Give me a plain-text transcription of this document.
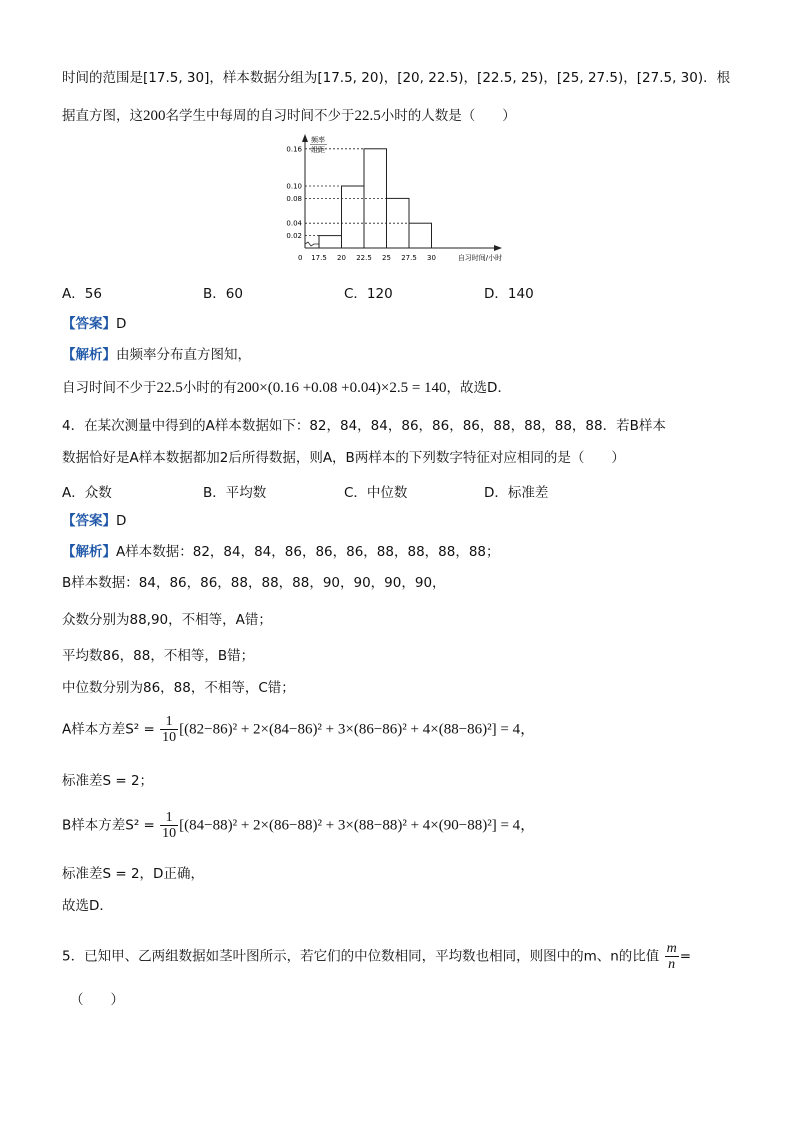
时间的范围是[17.5, 30]，样本数据分组为[17.5, 20)，[20, 22.5)，[22.5, 25)，[25, 27.5)，[27.5, 30)．根
据直方图，这200名学生中每周的自习时间不少于22.5小时的人数是（　　）
频率
组距
0
0.02
0.04
0.08
0.10
0.16
17.5 20 22.5 25 27.5 30	自习时间/小时
A．56	B．60	C．120	D．140
【答案】D
【解析】由频率分布直方图知，
自习时间不少于22.5小时的有200×(0.16 +0.08 +0.04)×2.5 = 140，故选D．
4．在某次测量中得到的A样本数据如下：82，84，84，86，86，86，88，88，88，88．若B样本
数据恰好是A样本数据都加2后所得数据，则A，B两样本的下列数字特征对应相同的是（　　）
A．众数	B．平均数	C．中位数	D．标准差
【答案】D
【解析】A样本数据：82，84，84，86，86，86，88，88，88，88；
B样本数据：84，86，86，88，88，88，90，90，90，90，
众数分别为88,90，不相等，A错；
平均数86，88，不相等，B错；
中位数分别为86，88，不相等，C错；
A样本方差$S^2 = \frac{1}{10} [(82-86)^2 + 2\times(84-86)^2 + 3\times(86-86)^2 + 4\times(88-86)^2] = 4$，
标准差S = 2；
B样本方差$S^2 = \frac{1}{10} [(84-88)^2 + 2\times(86-88)^2 + 3\times(88-88)^2 + 4\times(90-88)^2] = 4$，
标准差S = 2，D正确，
故选D．
5．已知甲、乙两组数据如茎叶图所示，若它们的中位数相同，平均数也相同，则图中的m、n的比值 $\frac{m}{n}$ =
（　　）
